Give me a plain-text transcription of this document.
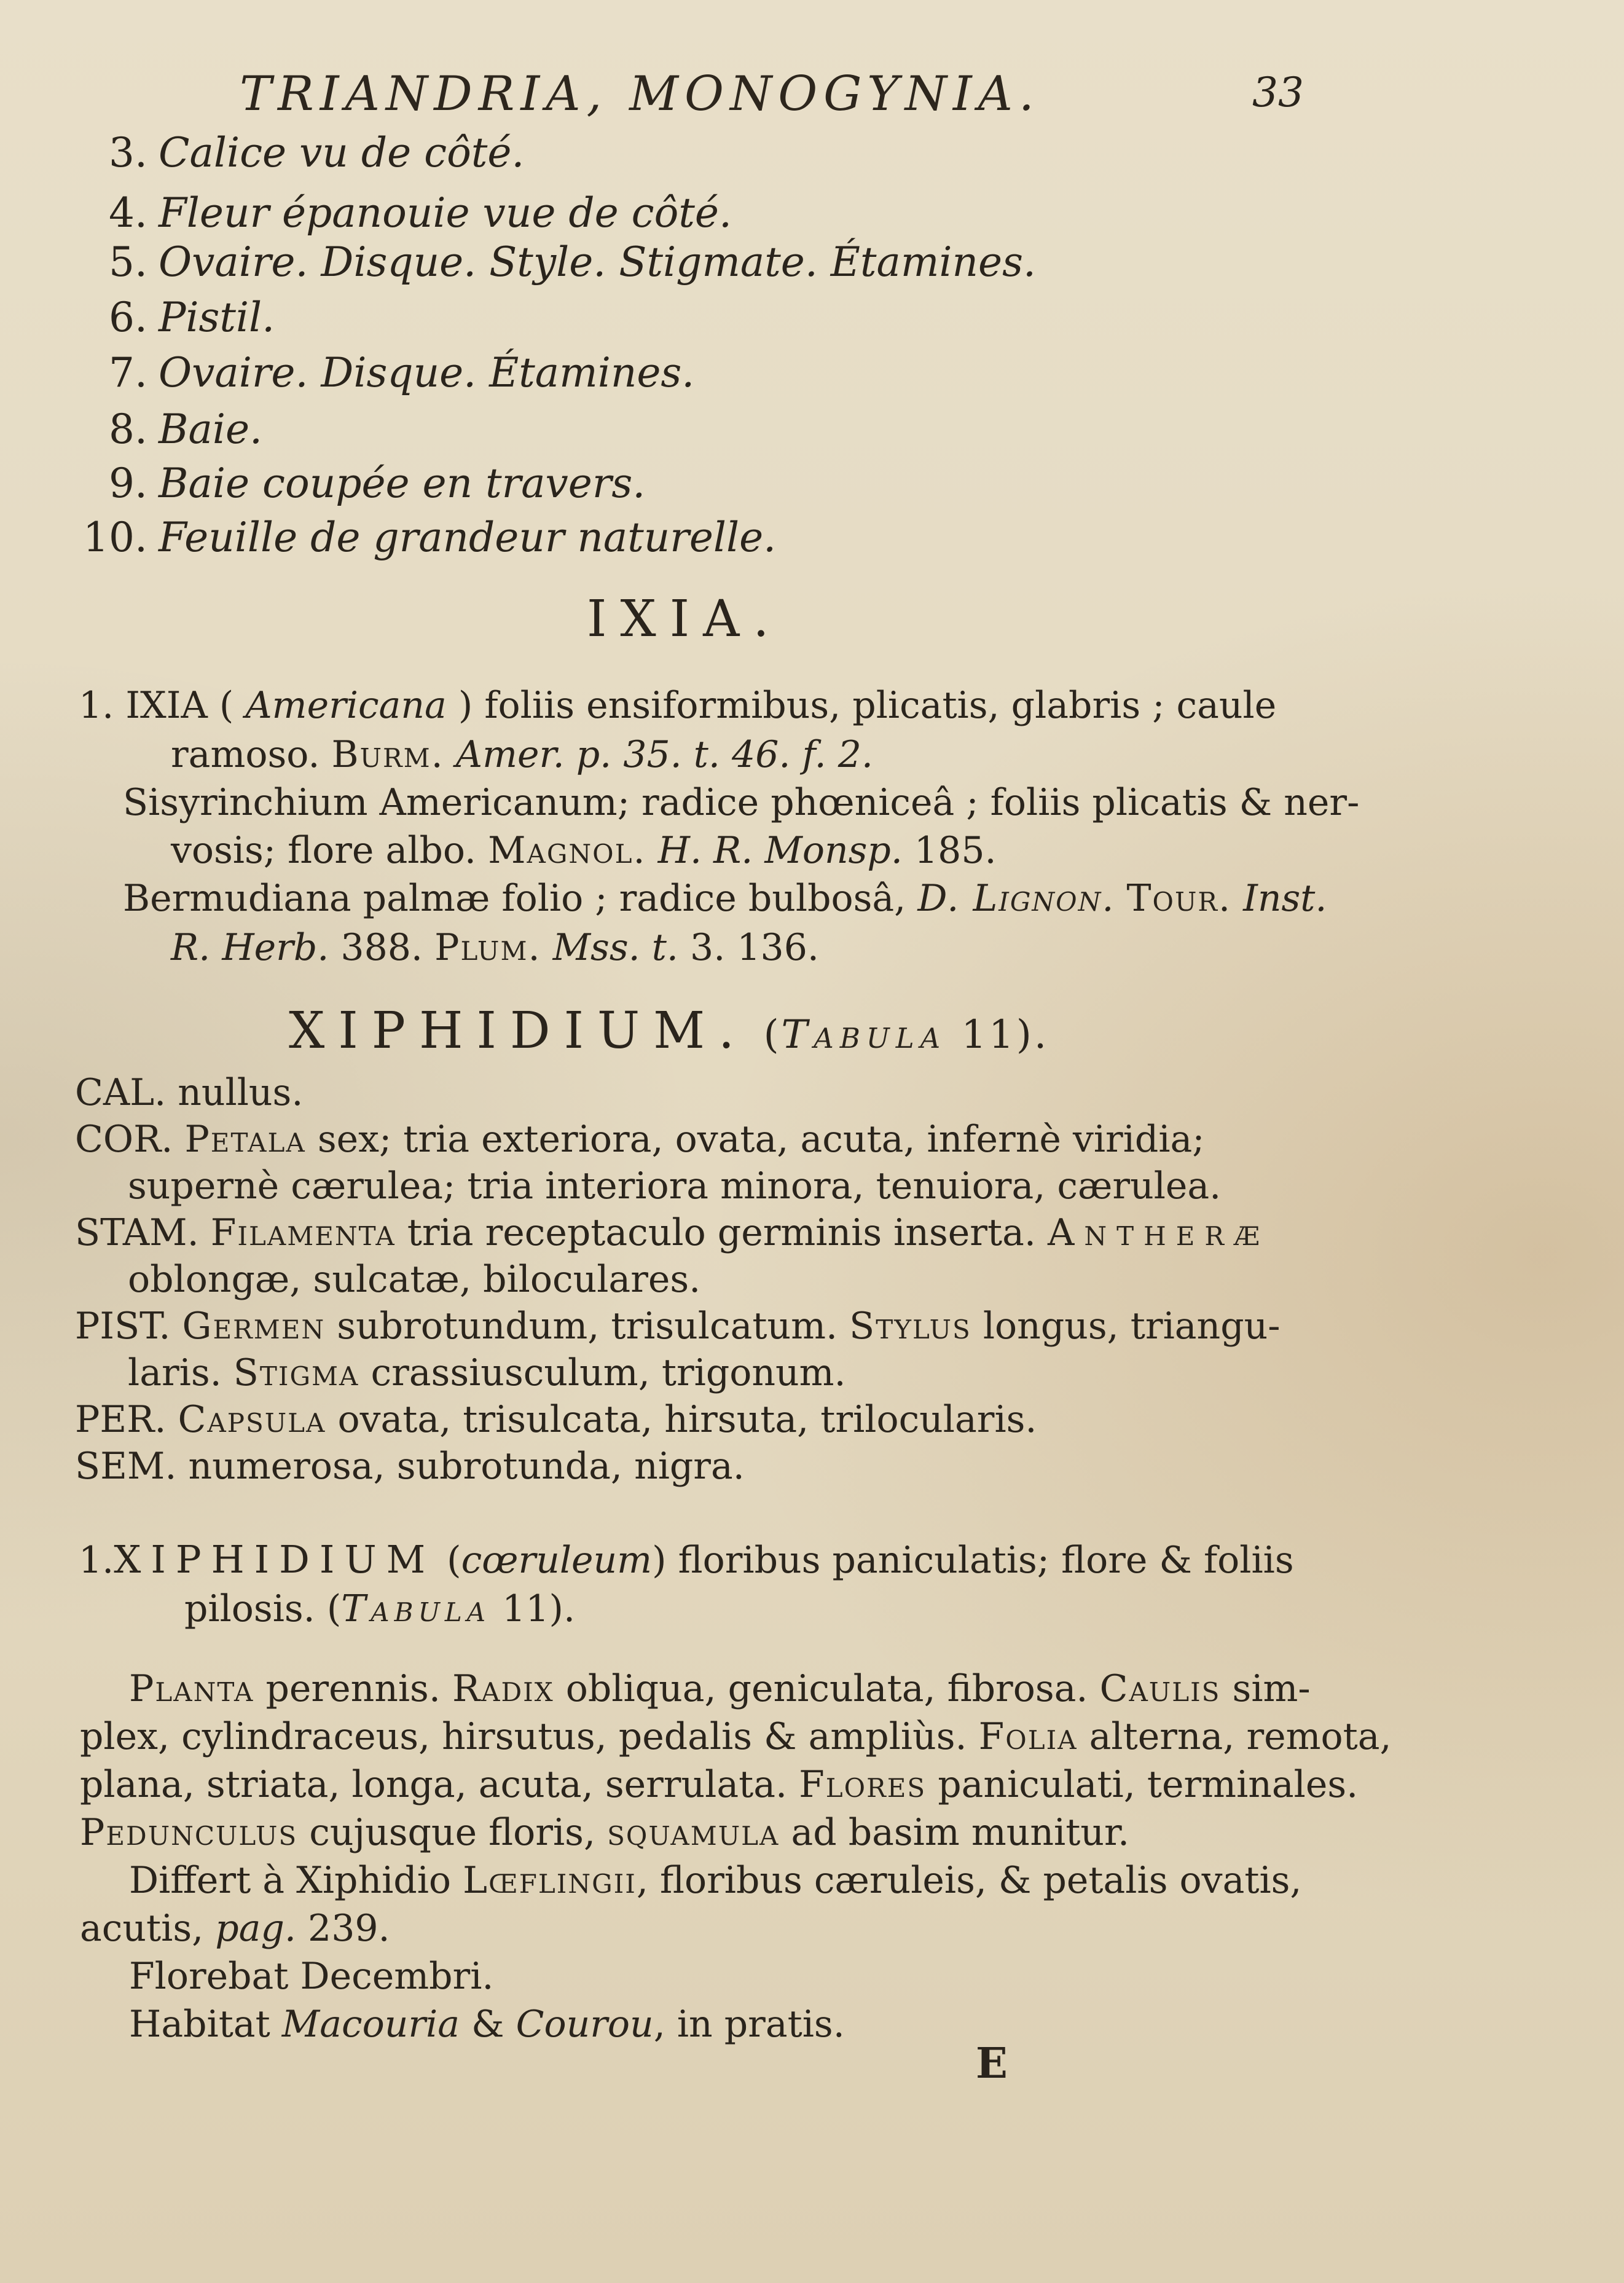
TRIANDRIA, MONOGYNIA.	33
3. Calice vu de côté.
4. Fleur épanouie vue de côté.
5. Ovaire. Disque. Style. Stigmate. Étamines.
6. Pistil.
7. Ovaire. Disque. Étamines.
8. Baie.
9. Baie coupée en travers.
10. Feuille de grandeur naturelle.
IXIA.
1. IXIA ( Americana ) foliis ensiformibus, plicatis, glabris ; caule
ramoso. Burm. Amer. p. 35. t. 46. f. 2.
Sisyrinchium Americanum; radice phœniceâ ; foliis plicatis & ner-
vosis; flore albo. Magnol. H. R. Monsp. 185.
Bermudiana palmæ folio ; radice bulbosâ, D. Lignon. Tour. Inst.
R. Herb. 388. Plum. Mss. t. 3. 136.
XIPHIDIUM. (Tabula 11).
CAL. nullus.
COR. Petala sex; tria exteriora, ovata, acuta, infernè viridia;
supernè cærulea; tria interiora minora, tenuiora, cærulea.
STAM. Filamenta tria receptaculo germinis inserta. Antheræ
oblongæ, sulcatæ, biloculares.
PIST. Germen subrotundum, trisulcatum. Stylus longus, triangu-
laris. Stigma crassiusculum, trigonum.
PER. Capsula ovata, trisulcata, hirsuta, trilocularis.
SEM. numerosa, subrotunda, nigra.
1.XIPHIDIUM (cœruleum) floribus paniculatis; flore & foliis
pilosis. (Tabula 11).
Planta perennis. Radix obliqua, geniculata, fibrosa. Caulis sim-
plex, cylindraceus, hirsutus, pedalis & ampliùs. Folia alterna, remota,
plana, striata, longa, acuta, serrulata. Flores paniculati, terminales.
Pedunculus cujusque floris, squamula ad basim munitur.
Differt à Xiphidio Lœflingii, floribus cæruleis, & petalis ovatis,
acutis, pag. 239.
Florebat Decembri.
Habitat Macouria & Courou, in pratis.
E
